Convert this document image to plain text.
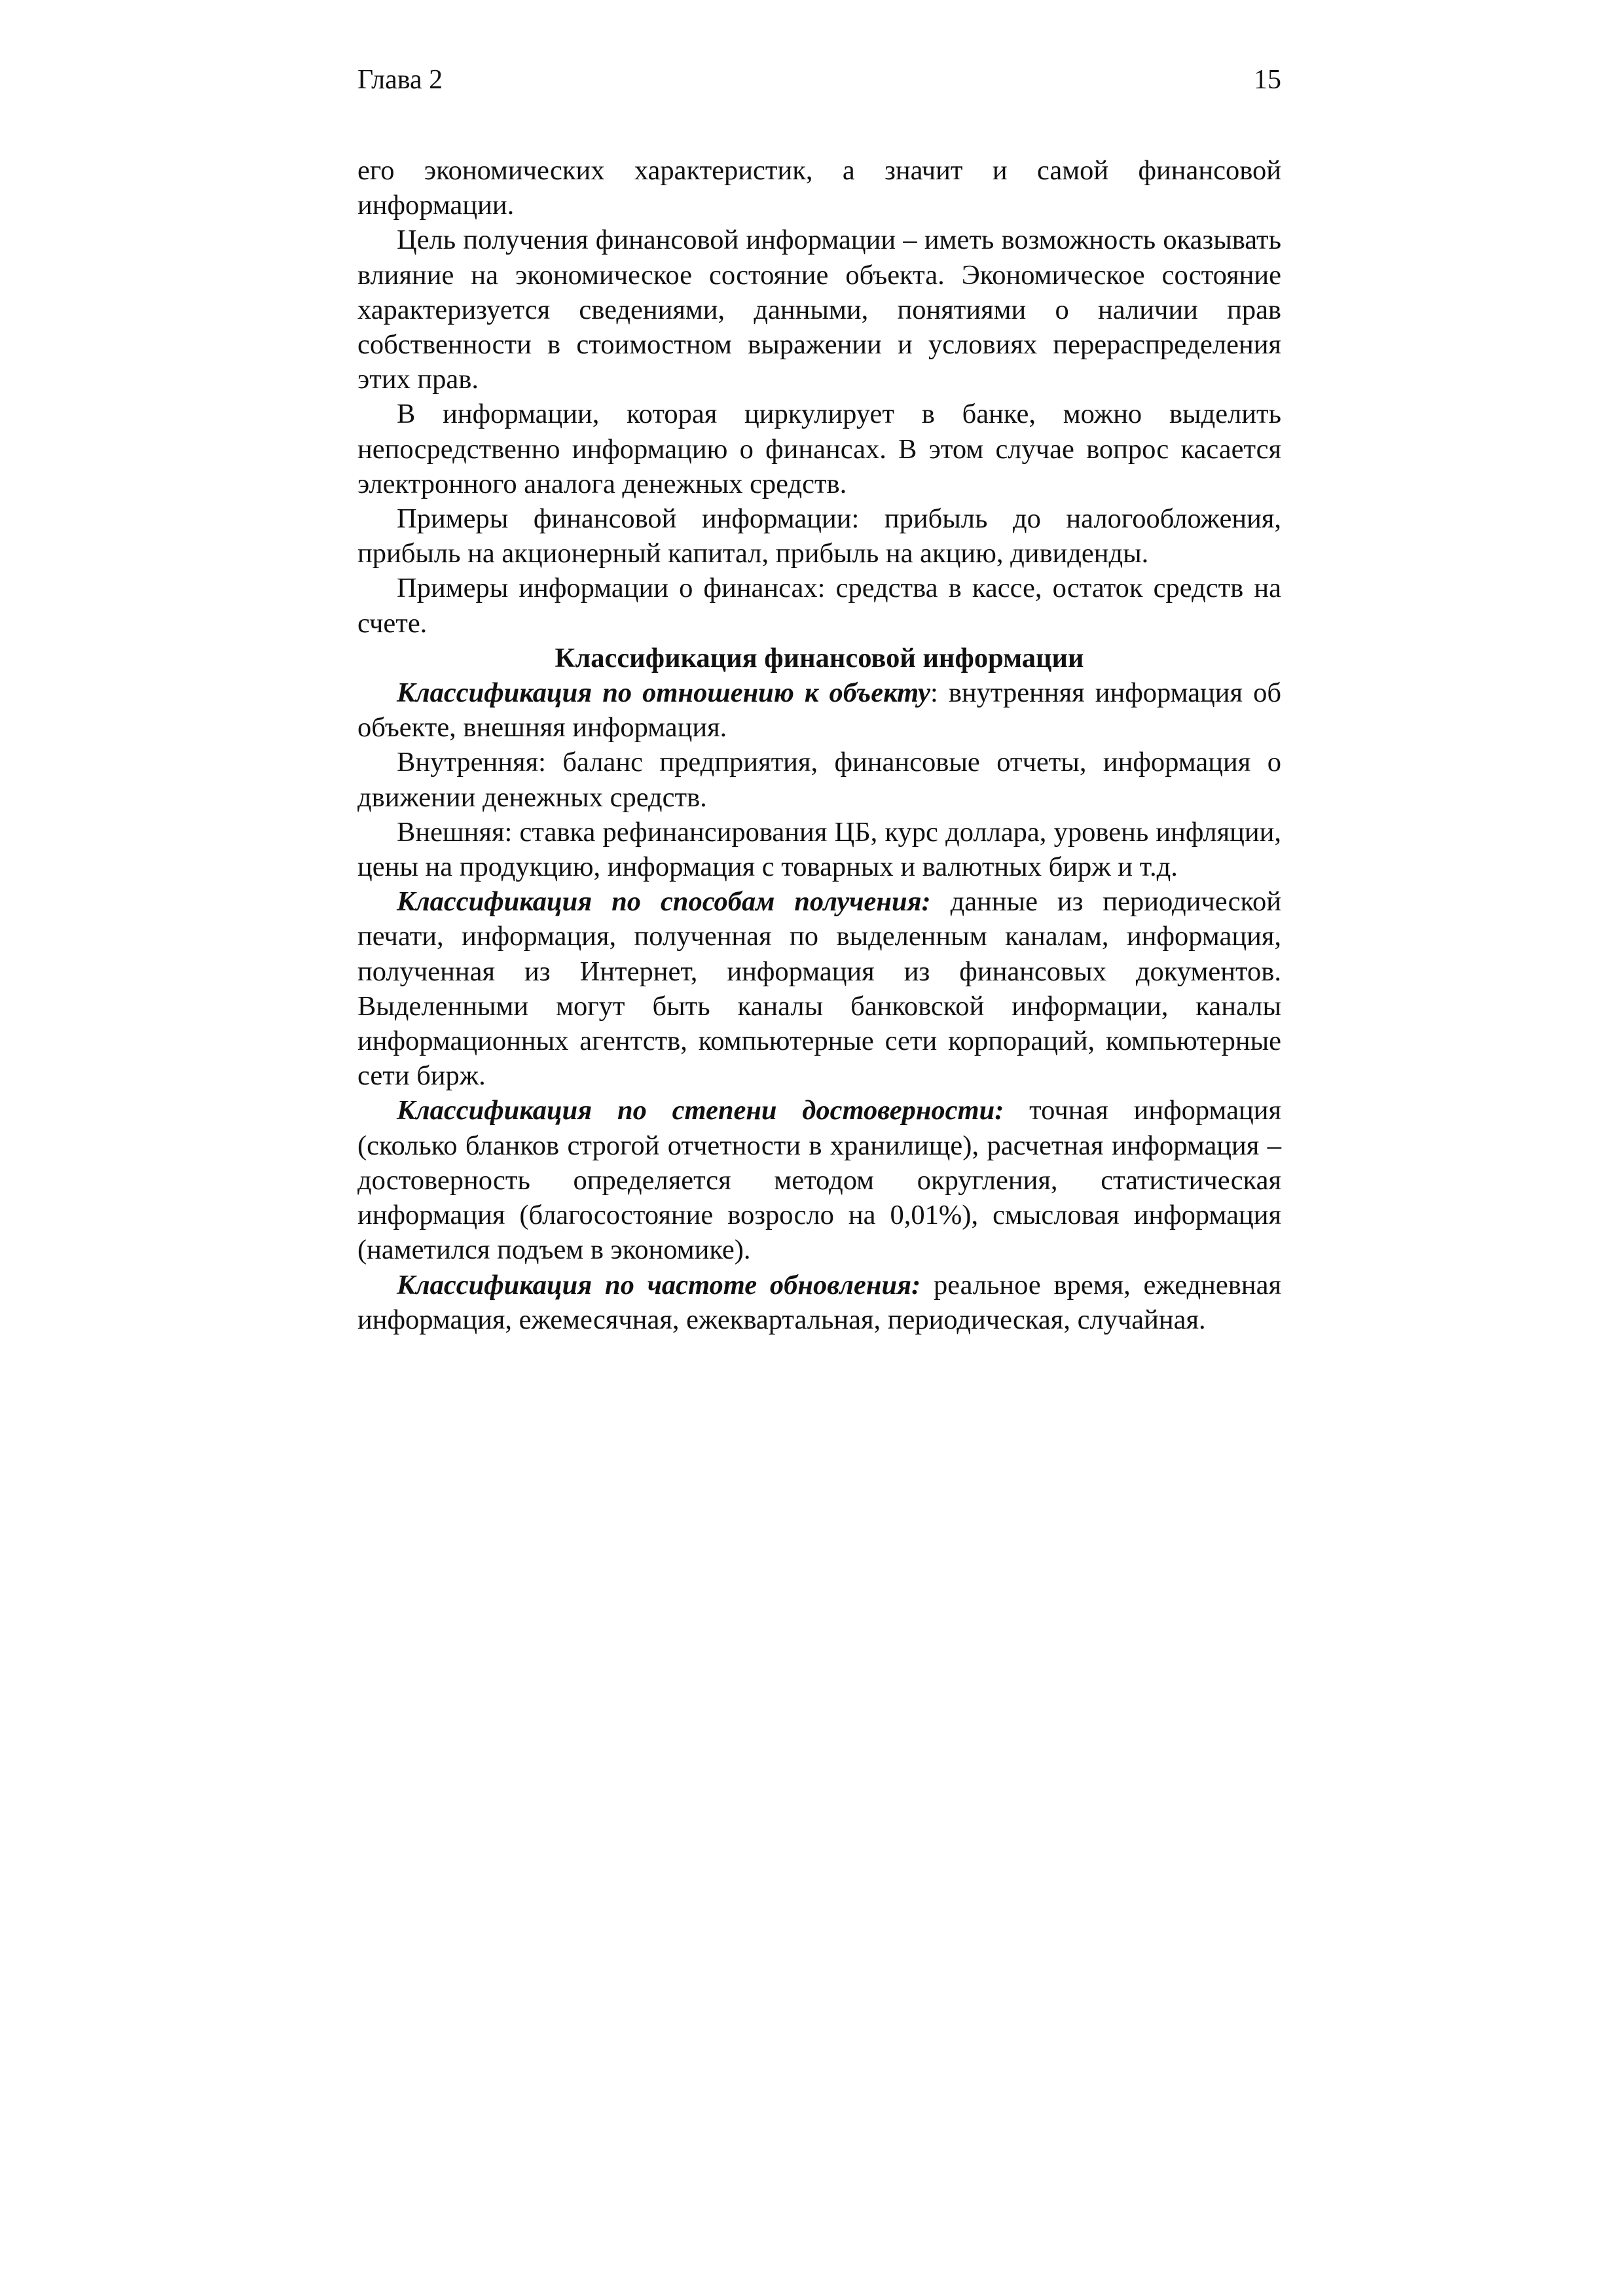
Глава 2	15

его экономических характеристик, а значит и самой финансовой информации.

Цель получения финансовой информации – иметь возможность оказывать влияние на экономическое состояние объекта. Экономическое состояние характеризуется сведениями, данными, понятиями о наличии прав собственности в стоимостном выражении и условиях перераспределения этих прав.

В информации, которая циркулирует в банке, можно выделить непосредственно информацию о финансах. В этом случае вопрос касается электронного аналога денежных средств.

Примеры финансовой информации: прибыль до налогообложения, прибыль на акционерный капитал, прибыль на акцию, дивиденды.

Примеры информации о финансах: средства в кассе, остаток средств на счете.

Классификация финансовой информации

Классификация по отношению к объекту: внутренняя информация об объекте, внешняя информация.

Внутренняя: баланс предприятия, финансовые отчеты, информация о движении денежных средств.

Внешняя: ставка рефинансирования ЦБ, курс доллара, уровень инфляции, цены на продукцию, информация с товарных и валютных бирж и т.д.

Классификация по способам получения: данные из периодической печати, информация, полученная по выделенным каналам, информация, полученная из Интернет, информация из финансовых документов. Выделенными могут быть каналы банковской информации, каналы информационных агентств, компьютерные сети корпораций, компьютерные сети бирж.

Классификация по степени достоверности: точная информация (сколько бланков строгой отчетности в хранилище), расчетная информация – достоверность определяется методом округления, статистическая информация (благосостояние возросло на 0,01%), смысловая информация (наметился подъем в экономике).

Классификация по частоте обновления: реальное время, ежедневная информация, ежемесячная, ежеквартальная, периодическая, случайная.
